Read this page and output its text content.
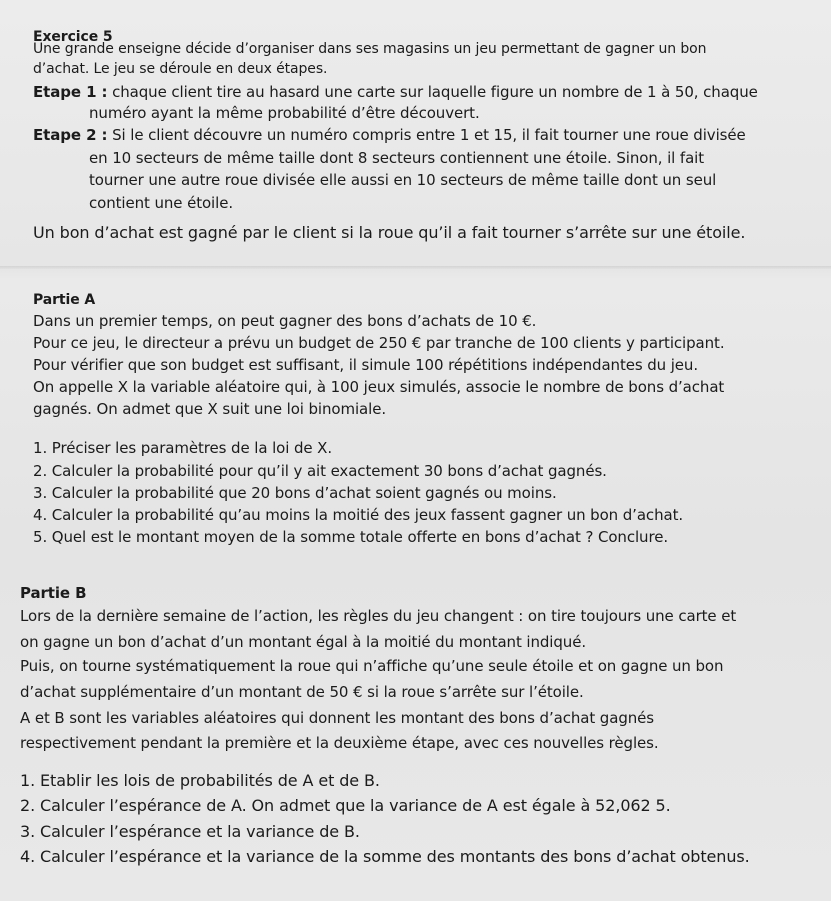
Exercice 5
Une grande enseigne décide d’organiser dans ses magasins un jeu permettant de gagner un bon
d’achat. Le jeu se déroule en deux étapes.
Etape 1 : chaque client tire au hasard une carte sur laquelle figure un nombre de 1 à 50, chaque
numéro ayant la même probabilité d’être découvert.
Etape 2 : Si le client découvre un numéro compris entre 1 et 15, il fait tourner une roue divisée
en 10 secteurs de même taille dont 8 secteurs contiennent une étoile. Sinon, il fait
tourner une autre roue divisée elle aussi en 10 secteurs de même taille dont un seul
contient une étoile.
Un bon d’achat est gagné par le client si la roue qu’il a fait tourner s’arrête sur une étoile.
Partie A
Dans un premier temps, on peut gagner des bons d’achats de 10 €.
Pour ce jeu, le directeur a prévu un budget de 250 € par tranche de 100 clients y participant.
Pour vérifier que son budget est suffisant, il simule 100 répétitions indépendantes du jeu.
On appelle X la variable aléatoire qui, à 100 jeux simulés, associe le nombre de bons d’achat
gagnés. On admet que X suit une loi binomiale.
1. Préciser les paramètres de la loi de X.
2. Calculer la probabilité pour qu’il y ait exactement 30 bons d’achat gagnés.
3. Calculer la probabilité que 20 bons d’achat soient gagnés ou moins.
4. Calculer la probabilité qu’au moins la moitié des jeux fassent gagner un bon d’achat.
5. Quel est le montant moyen de la somme totale offerte en bons d’achat ? Conclure.
Partie B
Lors de la dernière semaine de l’action, les règles du jeu changent : on tire toujours une carte et
on gagne un bon d’achat d’un montant égal à la moitié du montant indiqué.
Puis, on tourne systématiquement la roue qui n’affiche qu’une seule étoile et on gagne un bon
d’achat supplémentaire d’un montant de 50 € si la roue s’arrête sur l’étoile.
A et B sont les variables aléatoires qui donnent les montant des bons d’achat gagnés
respectivement pendant la première et la deuxième étape, avec ces nouvelles règles.
1. Etablir les lois de probabilités de A et de B.
2. Calculer l’espérance de A. On admet que la variance de A est égale à 52,062 5.
3. Calculer l’espérance et la variance de B.
4. Calculer l’espérance et la variance de la somme des montants des bons d’achat obtenus.
